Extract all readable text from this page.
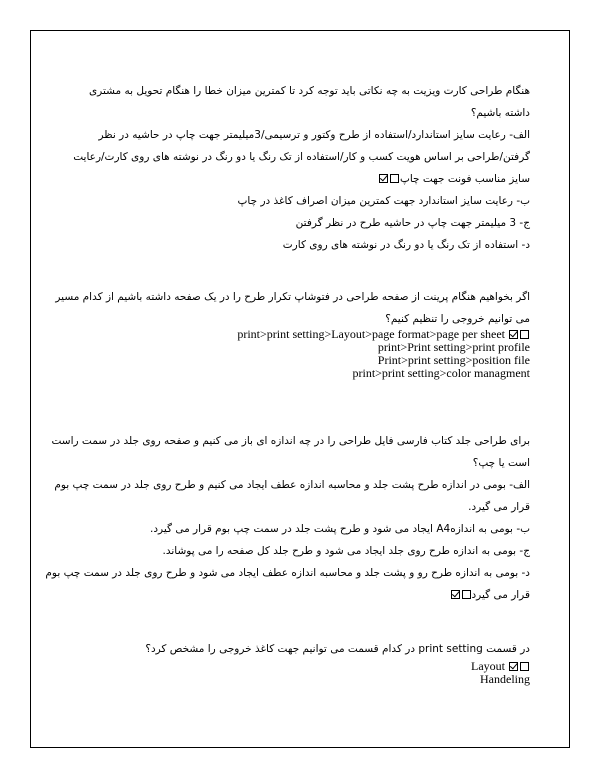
هنگام طراحی کارت ویزیت به چه نکاتی باید توجه کرد تا کمترین میزان خطا را هنگام تحویل به مشتری
داشته باشیم؟
الف- رعایت سایز استاندارد/استفاده از طرح وکتور و ترسیمی/3میلیمتر جهت چاپ در حاشیه در نظر
گرفتن/طراحی بر اساس هویت کسب و کار/استفاده از تک رنگ یا دو رنگ در نوشته های روی کارت/رعایت
سایز مناسب فونت جهت چاپ
ب- رعایت سایز استاندارد جهت کمترین میزان اصراف کاغذ در چاپ
ج- 3 میلیمتر جهت چاپ در حاشیه طرح در نظر گرفتن
د- استفاده از تک رنگ یا دو رنگ در نوشته های روی کارت
اگر بخواهیم هنگام پرینت از صفحه طراحی در فتوشاپ تکرار طرح را در یک صفحه داشته باشیم از کدام مسیر
می توانیم خروجی را تنظیم کنیم؟
print>print setting>Layout>page format>page per sheet
print>Print setting>print profile
Print>print setting>position file
print>print setting>color managment
برای طراحی جلد کتاب فارسی فایل طراحی را در چه اندازه ای باز می کنیم و صفحه روی جلد در سمت راست
است یا چپ؟
الف- بومی در اندازه طرح پشت جلد و محاسبه اندازه عطف ایجاد می کنیم و طرح روی جلد در سمت چپ بوم
قرار می گیرد.
ب- بومی به اندازهA4 ایجاد می شود و طرح پشت جلد در سمت چپ بوم قرار می گیرد.
ج- بومی به اندازه طرح روی جلد ایجاد می شود و طرح جلد کل صفحه را می پوشاند.
د- بومی به اندازه طرح رو و پشت جلد و محاسبه اندازه عطف ایجاد می شود و طرح روی جلد در سمت چپ بوم
قرار می گیرد
در قسمت print setting در کدام قسمت می توانیم جهت کاغذ خروجی را مشخص کرد؟
Layout
Handeling
